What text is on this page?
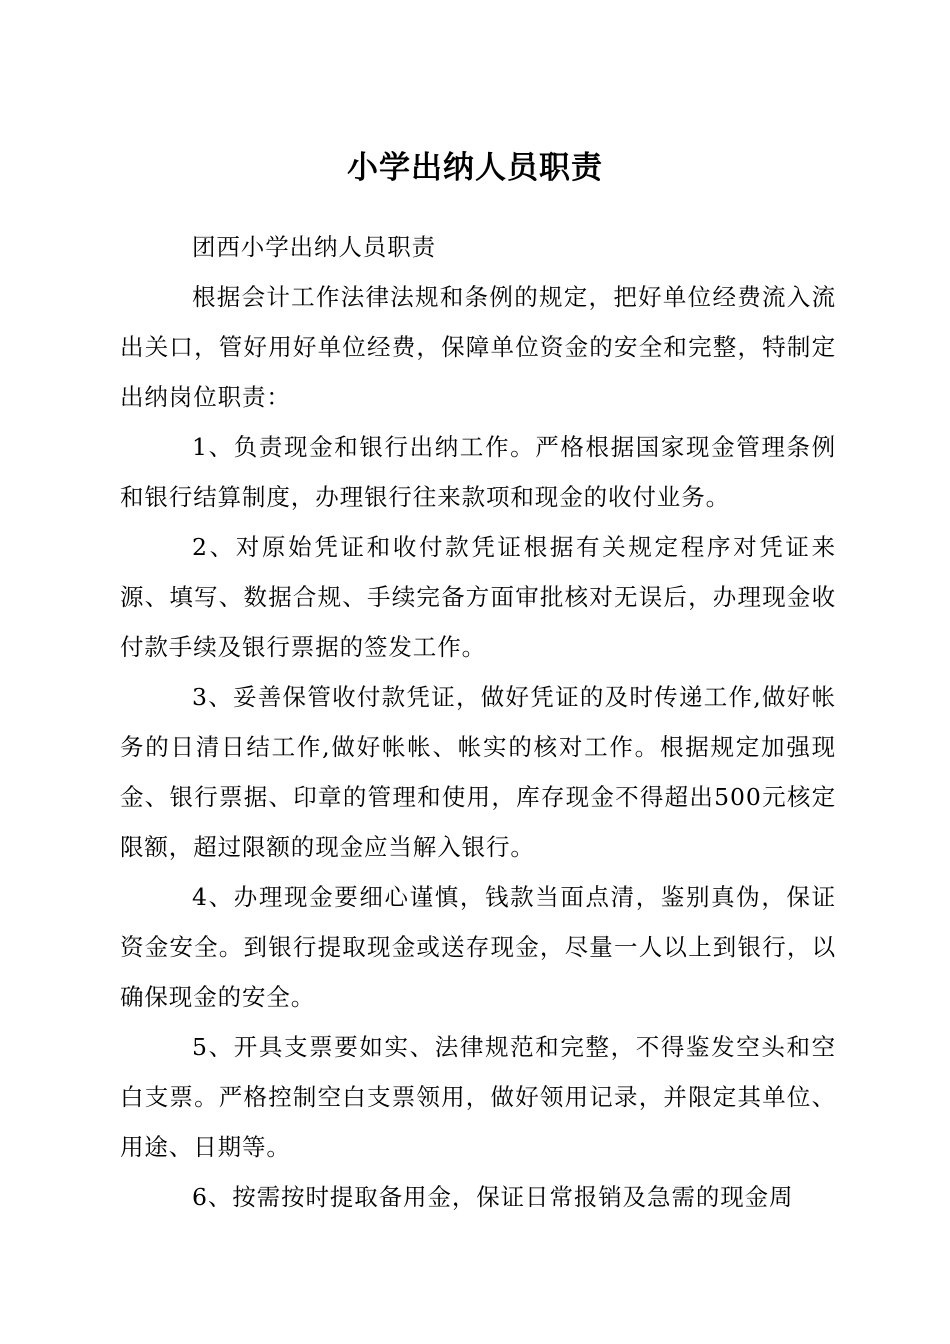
小学出纳人员职责

团西小学出纳人员职责

根据会计工作法律法规和条例的规定，把好单位经费流入流出关口，管好用好单位经费，保障单位资金的安全和完整，特制定出纳岗位职责：

1、负责现金和银行出纳工作。严格根据国家现金管理条例和银行结算制度，办理银行往来款项和现金的收付业务。

2、对原始凭证和收付款凭证根据有关规定程序对凭证来源、填写、数据合规、手续完备方面审批核对无误后，办理现金收付款手续及银行票据的签发工作。

3、妥善保管收付款凭证，做好凭证的及时传递工作,做好帐务的日清日结工作,做好帐帐、帐实的核对工作。根据规定加强现金、银行票据、印章的管理和使用，库存现金不得超出500元核定限额，超过限额的现金应当解入银行。

4、办理现金要细心谨慎，钱款当面点清，鉴别真伪，保证资金安全。到银行提取现金或送存现金，尽量一人以上到银行，以确保现金的安全。

5、开具支票要如实、法律规范和完整，不得鉴发空头和空白支票。严格控制空白支票领用，做好领用记录，并限定其单位、用途、日期等。

6、按需按时提取备用金，保证日常报销及急需的现金周
